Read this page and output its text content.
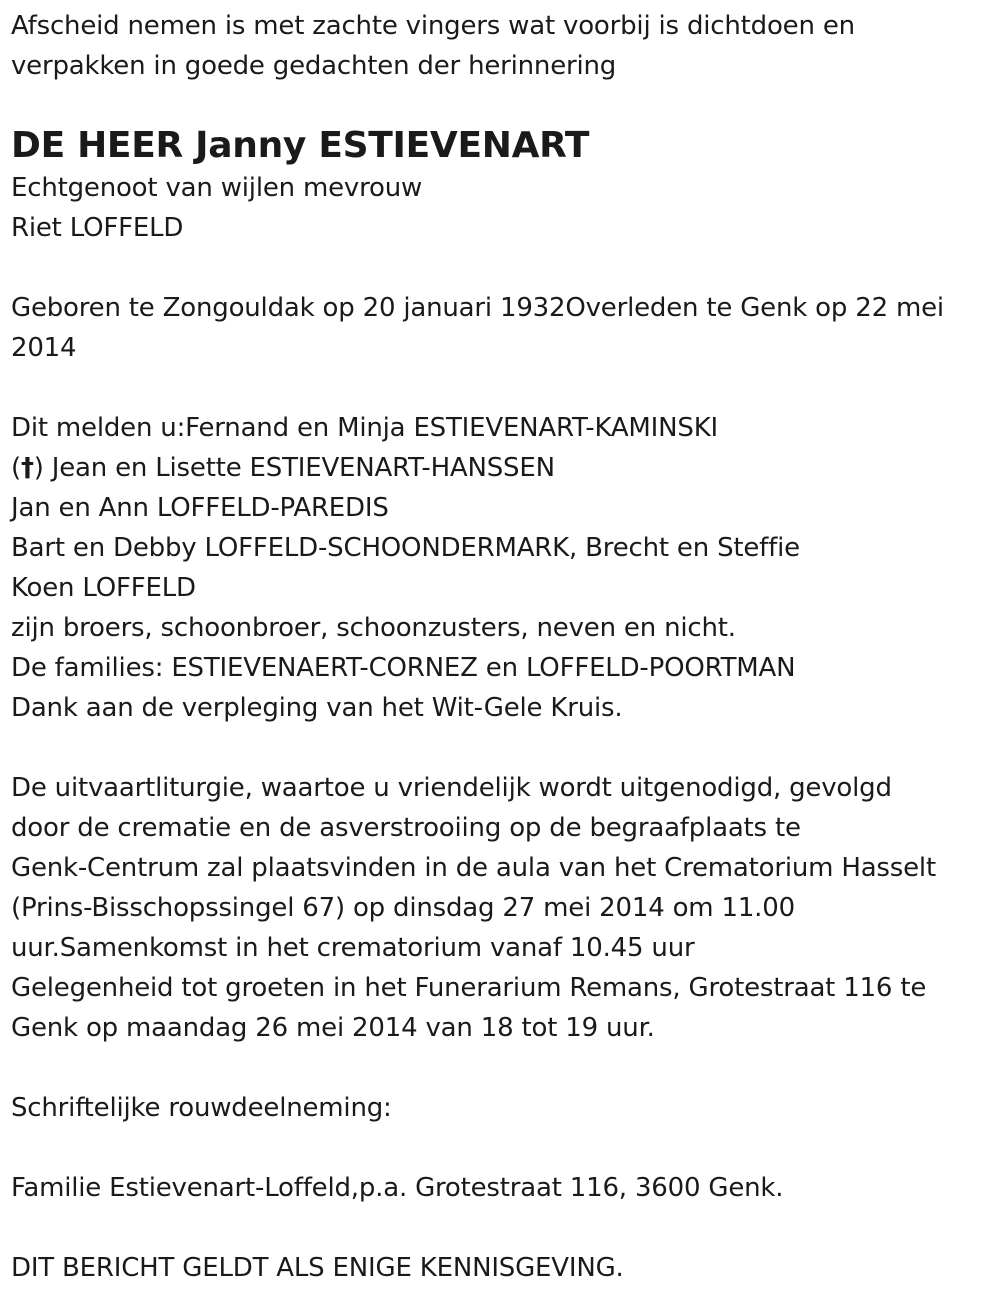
Afscheid nemen is met zachte vingers wat voorbij is dichtdoen en
verpakken in goede gedachten der herinnering
DE HEER Janny ESTIEVENART
Echtgenoot van wijlen mevrouw
Riet LOFFELD
Geboren te Zongouldak op 20 januari 1932Overleden te Genk op 22 mei
2014
Dit melden u:Fernand en Minja ESTIEVENART-KAMINSKI
(†) Jean en Lisette ESTIEVENART-HANSSEN
Jan en Ann LOFFELD-PAREDIS
Bart en Debby LOFFELD-SCHOONDERMARK, Brecht en Steffie
Koen LOFFELD
zijn broers, schoonbroer, schoonzusters, neven en nicht.
De families: ESTIEVENAERT-CORNEZ en LOFFELD-POORTMAN
Dank aan de verpleging van het Wit-Gele Kruis.
De uitvaartliturgie, waartoe u vriendelijk wordt uitgenodigd, gevolgd
door de crematie en de asverstrooiing op de begraafplaats te
Genk-Centrum zal plaatsvinden in de aula van het Crematorium Hasselt
(Prins-Bisschopssingel 67) op dinsdag 27 mei 2014 om 11.00
uur.Samenkomst in het crematorium vanaf 10.45 uur
Gelegenheid tot groeten in het Funerarium Remans, Grotestraat 116 te
Genk op maandag 26 mei 2014 van 18 tot 19 uur.
Schriftelijke rouwdeelneming:
Familie Estievenart-Loffeld,p.a. Grotestraat 116, 3600 Genk.
DIT BERICHT GELDT ALS ENIGE KENNISGEVING.
